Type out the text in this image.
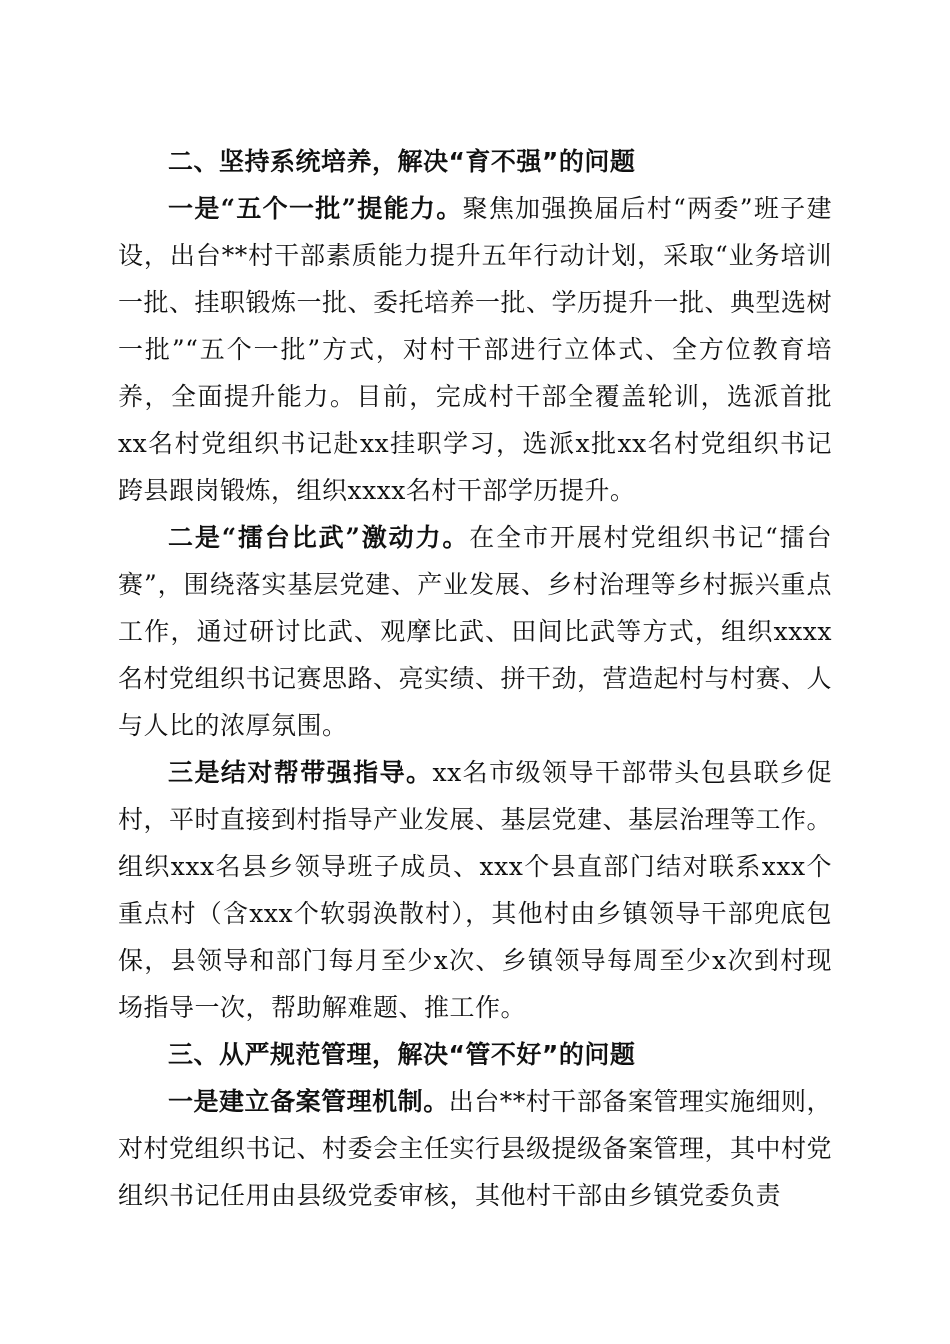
二、坚持系统培养，解决“育不强”的问题

一是“五个一批”提能力。聚焦加强换届后村“两委”班子建设，出台**村干部素质能力提升五年行动计划，采取“业务培训一批、挂职锻炼一批、委托培养一批、学历提升一批、典型选树一批”“五个一批”方式，对村干部进行立体式、全方位教育培养，全面提升能力。目前，完成村干部全覆盖轮训，选派首批xx名村党组织书记赴xx挂职学习，选派x批xx名村党组织书记跨县跟岗锻炼，组织xxxx名村干部学历提升。

二是“擂台比武”激动力。在全市开展村党组织书记“擂台赛”，围绕落实基层党建、产业发展、乡村治理等乡村振兴重点工作，通过研讨比武、观摩比武、田间比武等方式，组织xxxx名村党组织书记赛思路、亮实绩、拼干劲，营造起村与村赛、人与人比的浓厚氛围。

三是结对帮带强指导。xx名市级领导干部带头包县联乡促村，平时直接到村指导产业发展、基层党建、基层治理等工作。组织xxx名县乡领导班子成员、xxx个县直部门结对联系xxx个重点村（含xxx个软弱涣散村），其他村由乡镇领导干部兜底包保，县领导和部门每月至少x次、乡镇领导每周至少x次到村现场指导一次，帮助解难题、推工作。

三、从严规范管理，解决“管不好”的问题

一是建立备案管理机制。出台**村干部备案管理实施细则，对村党组织书记、村委会主任实行县级提级备案管理，其中村党组织书记任用由县级党委审核，其他村干部由乡镇党委负责
